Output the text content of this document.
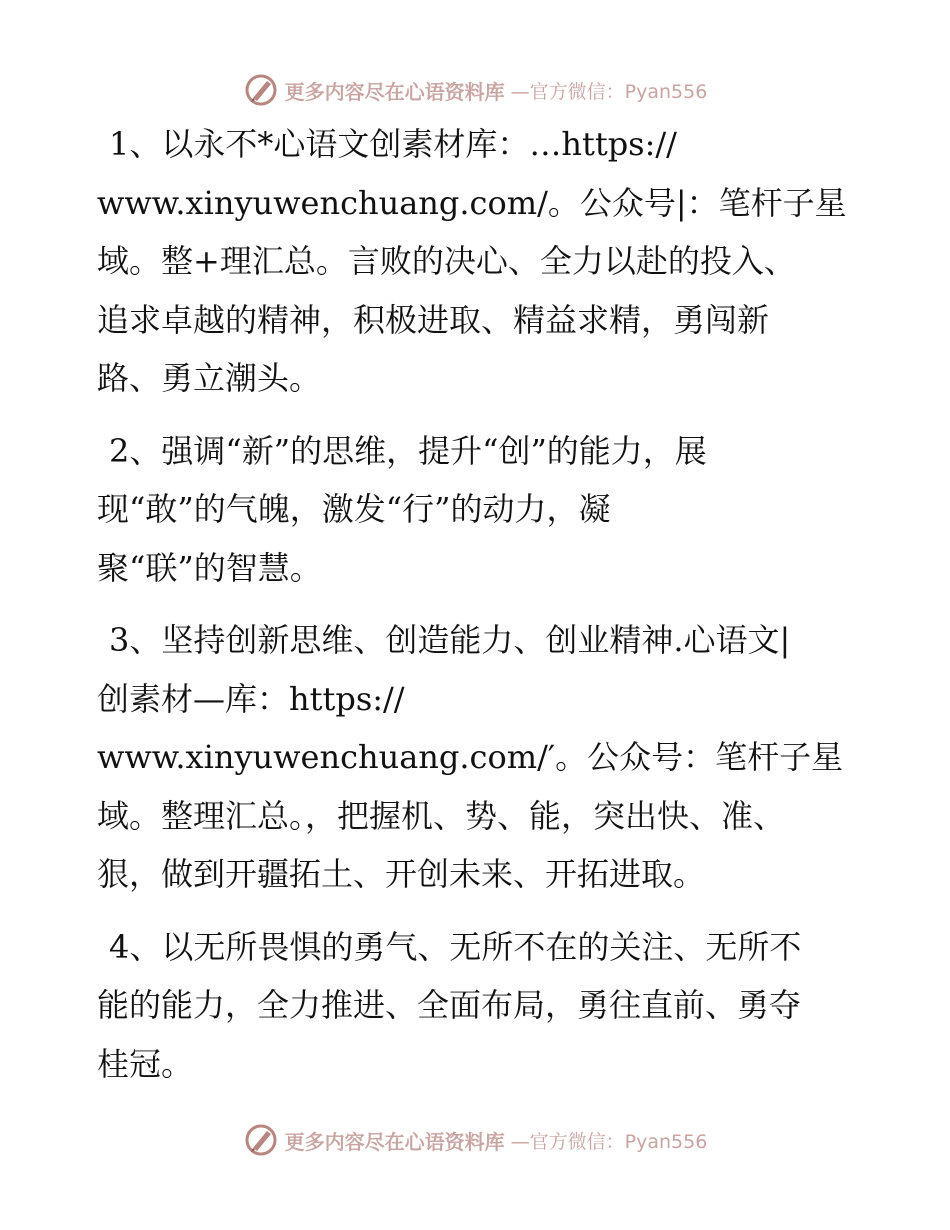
更多内容尽在心语资料库 —官方微信：Pyan556
1、以永不*心语文创素材库：…https://
www.xinyuwenchuang.com/。公众号|：笔杆子星
域。整+理汇总。言败的决心、全力以赴的投入、
追求卓越的精神，积极进取、精益求精，勇闯新
路、勇立潮头。
2、强调“新”的思维，提升“创”的能力，展
现“敢”的气魄，激发“行”的动力，凝
聚“联”的智慧。
3、坚持创新思维、创造能力、创业精神.心语文|
创素材—库：https://
www.xinyuwenchuang.com/′。公众号：笔杆子星
域。整理汇总。，把握机、势、能，突出快、准、
狠，做到开疆拓土、开创未来、开拓进取。
4、以无所畏惧的勇气、无所不在的关注、无所不
能的能力，全力推进、全面布局，勇往直前、勇夺
桂冠。
更多内容尽在心语资料库 —官方微信：Pyan556
